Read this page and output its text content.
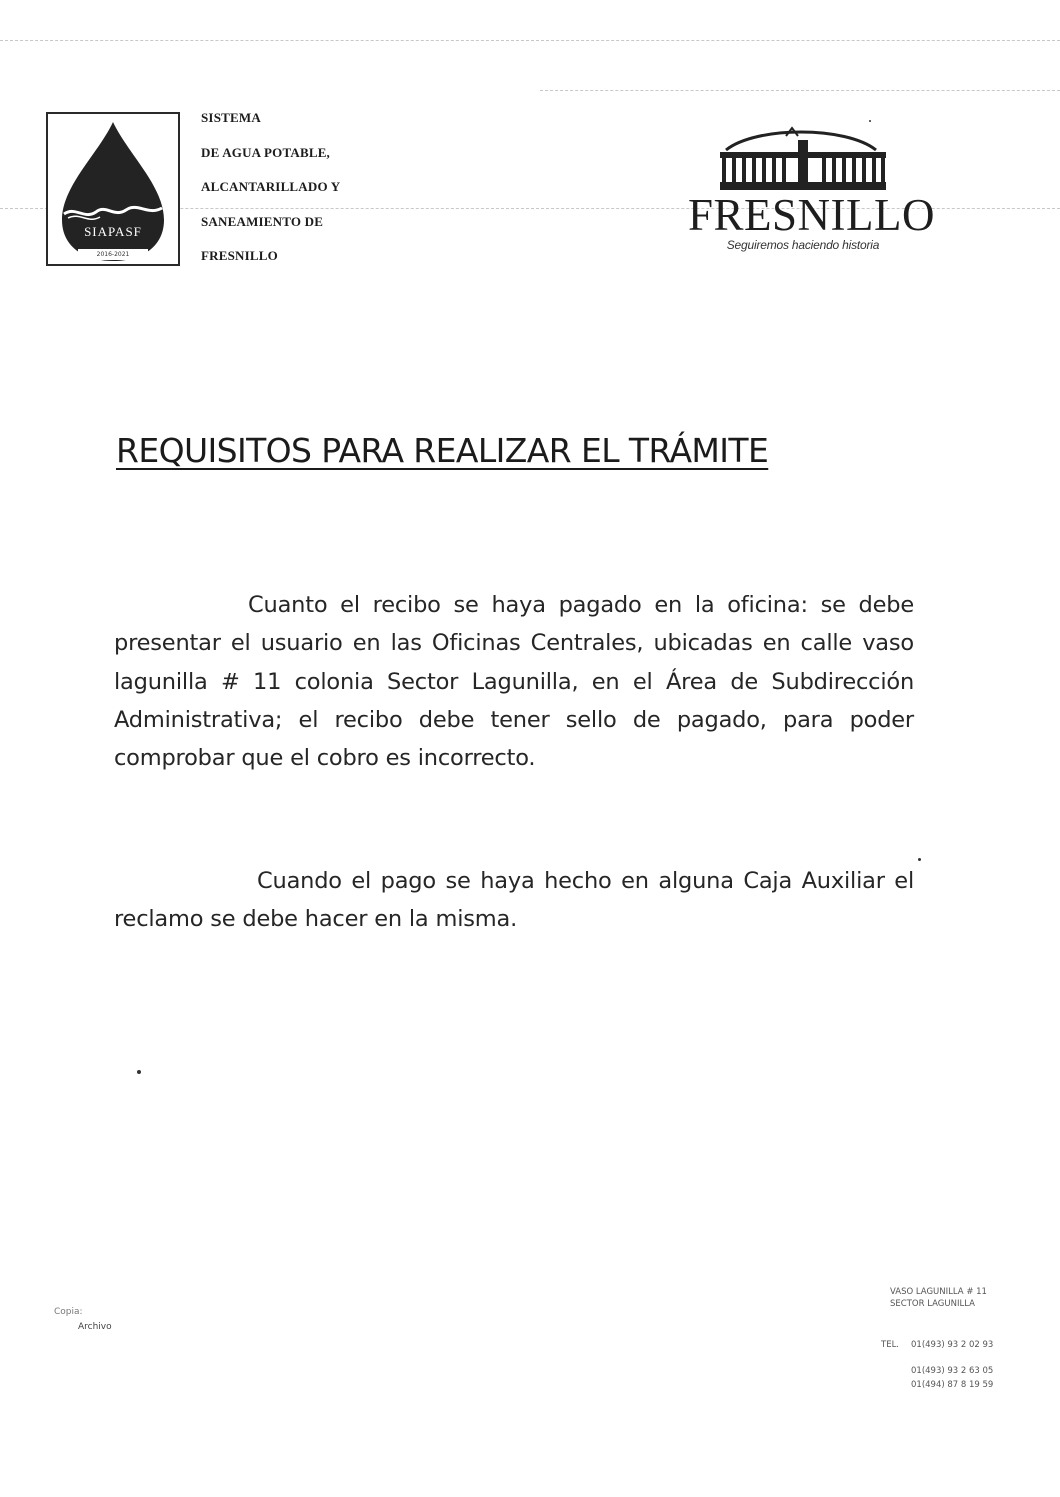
SIAPASF
2016-2021
SISTEMA
DE AGUA POTABLE,
ALCANTARILLADO Y
SANEAMIENTO DE
FRESNILLO
FRESNILLO
Seguiremos haciendo historia
REQUISITOS PARA REALIZAR EL TRÁMITE
Cuanto el recibo se haya pagado en la oficina: se debe presentar el usuario en las Oficinas Centrales, ubicadas en calle vaso lagunilla # 11 colonia Sector Lagunilla, en el Área de Subdirección Administrativa; el recibo debe tener sello de pagado, para poder comprobar que el cobro es incorrecto.
Cuando el pago se haya hecho en alguna Caja Auxiliar el reclamo se debe hacer en la misma.
Copia:
Archivo
VASO LAGUNILLA # 11
SECTOR LAGUNILLA
TEL. 01(493) 93 2 02 93
01(493) 93 2 63 05
01(494) 87 8 19 59
